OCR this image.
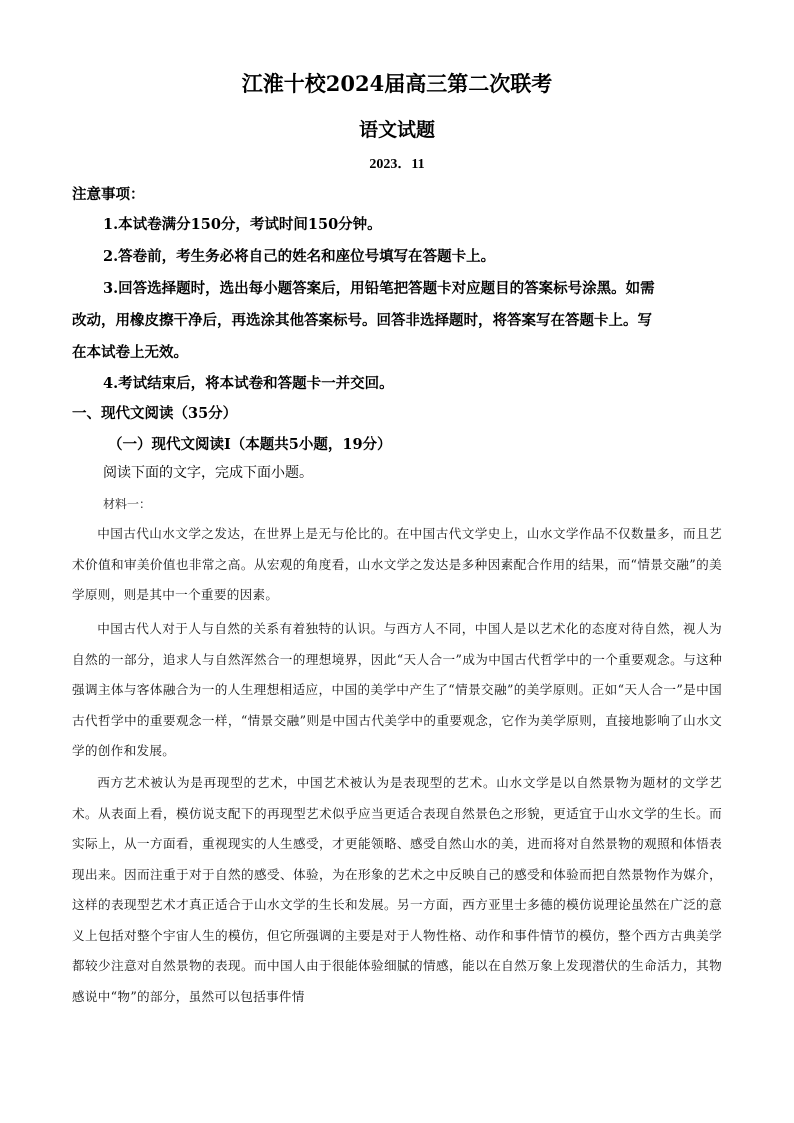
江淮十校2024届高三第二次联考
语文试题
2023．11
注意事项：
1.本试卷满分150分，考试时间150分钟。
2.答卷前，考生务必将自己的姓名和座位号填写在答题卡上。
3.回答选择题时，选出每小题答案后，用铅笔把答题卡对应题目的答案标号涂黑。如需
改动，用橡皮擦干净后，再选涂其他答案标号。回答非选择题时，将答案写在答题卡上。写
在本试卷上无效。
4.考试结束后，将本试卷和答题卡一并交回。
一、现代文阅读（35分）
（一）现代文阅读Ⅰ（本题共5小题，19分）
阅读下面的文字，完成下面小题。
材料一：
中国古代山水文学之发达，在世界上是无与伦比的。在中国古代文学史上，山水文学作品不仅数量多，而且艺术价值和审美价值也非常之高。从宏观的角度看，山水文学之发达是多种因素配合作用的结果，而“情景交融”的美学原则，则是其中一个重要的因素。
中国古代人对于人与自然的关系有着独特的认识。与西方人不同，中国人是以艺术化的态度对待自然，视人为自然的一部分，追求人与自然浑然合一的理想境界，因此“天人合一”成为中国古代哲学中的一个重要观念。与这种强调主体与客体融合为一的人生理想相适应，中国的美学中产生了“情景交融”的美学原则。正如“天人合一”是中国古代哲学中的重要观念一样，“情景交融”则是中国古代美学中的重要观念，它作为美学原则，直接地影响了山水文学的创作和发展。
西方艺术被认为是再现型的艺术，中国艺术被认为是表现型的艺术。山水文学是以自然景物为题材的文学艺术。从表面上看，模仿说支配下的再现型艺术似乎应当更适合表现自然景色之形貌，更适宜于山水文学的生长。而实际上，从一方面看，重视现实的人生感受，才更能领略、感受自然山水的美，进而将对自然景物的观照和体悟表现出来。因而注重于对于自然的感受、体验，为在形象的艺术之中反映自己的感受和体验而把自然景物作为媒介，这样的表现型艺术才真正适合于山水文学的生长和发展。另一方面，西方亚里士多德的模仿说理论虽然在广泛的意义上包括对整个宇宙人生的模仿，但它所强调的主要是对于人物性格、动作和事件情节的模仿，整个西方古典美学都较少注意对自然景物的表现。而中国人由于很能体验细腻的情感，能以在自然万象上发现潜伏的生命活力，其物感说中“物”的部分，虽然可以包括事件情
